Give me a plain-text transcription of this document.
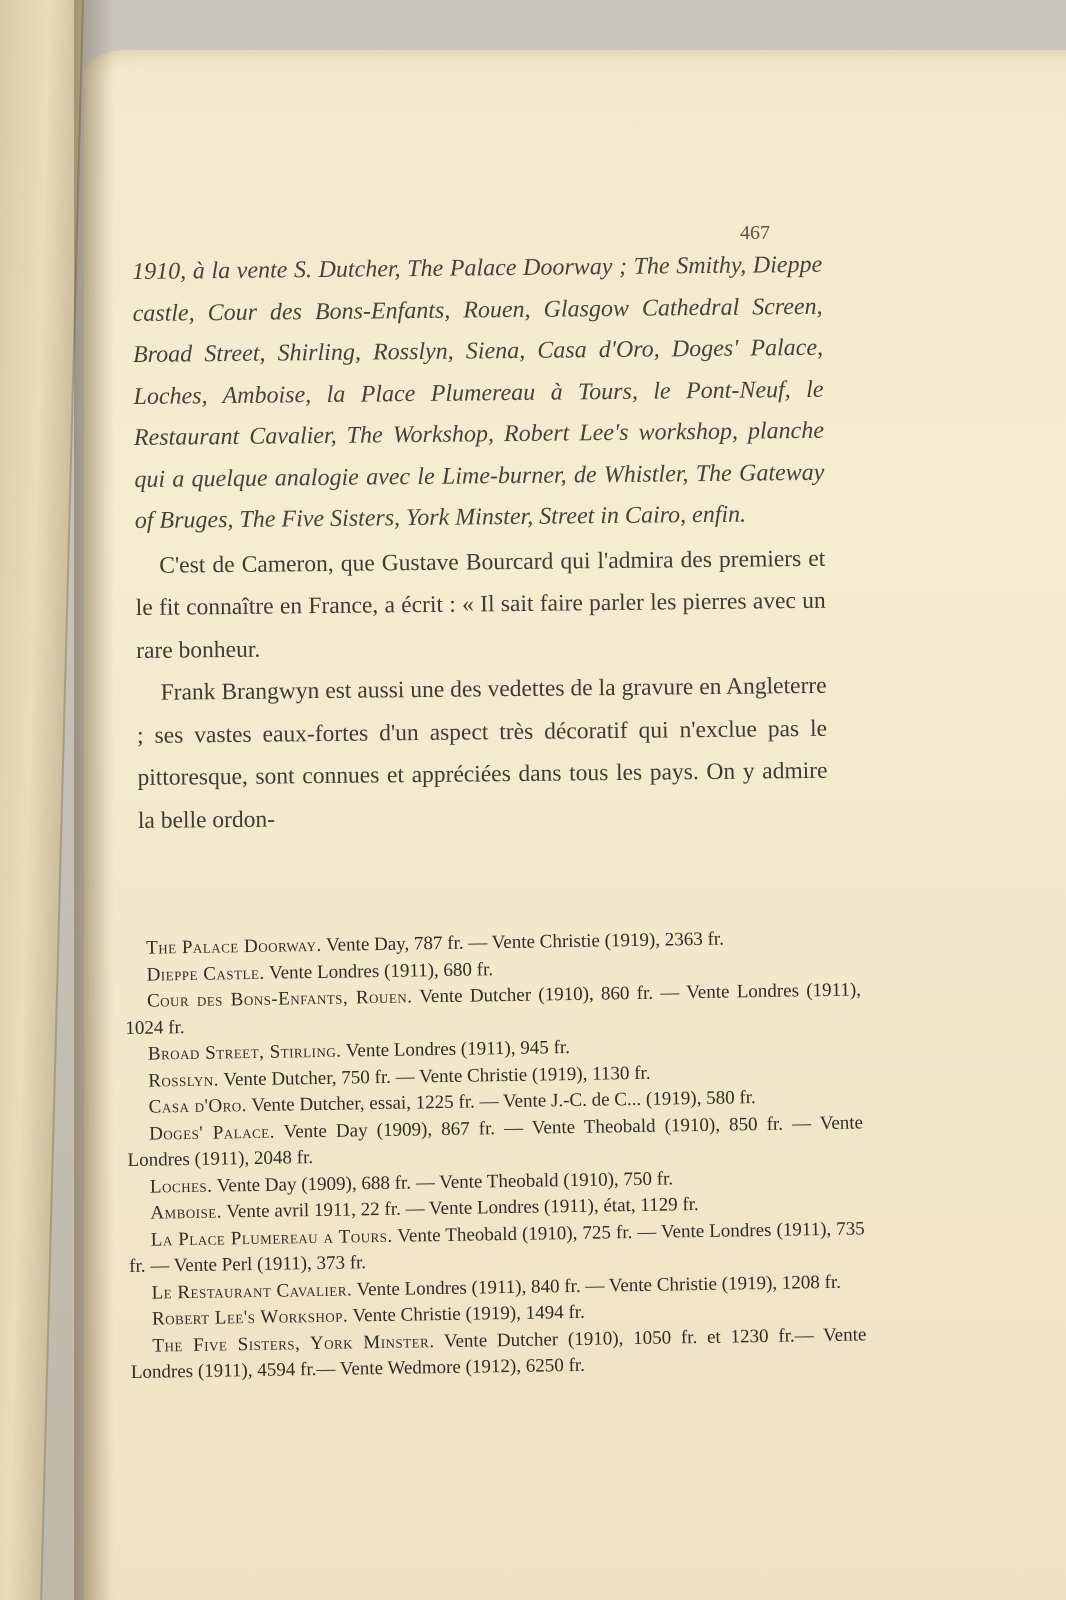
467

1910, à la vente S. Dutcher, The Palace Doorway ; The Smithy, Dieppe castle, Cour des Bons-Enfants, Rouen, Glasgow Cathedral Screen, Broad Street, Shirling, Rosslyn, Siena, Casa d'Oro, Doges' Palace, Loches, Amboise, la Place Plumereau à Tours, le Pont-Neuf, le Restaurant Cavalier, The Workshop, Robert Lee's workshop, planche qui a quelque analogie avec le Lime-burner, de Whistler, The Gateway of Bruges, The Five Sisters, York Minster, Street in Cairo, enfin.

C'est de Cameron, que Gustave Bourcard qui l'admira des premiers et le fit connaître en France, a écrit : « Il sait faire parler les pierres avec un rare bonheur.

Frank Brangwyn est aussi une des vedettes de la gravure en Angleterre ; ses vastes eaux-fortes d'un aspect très décoratif qui n'exclue pas le pittoresque, sont connues et appréciées dans tous les pays. On y admire la belle ordon-

The Palace Doorway. Vente Day, 787 fr. — Vente Christie (1919), 2363 fr.

Dieppe Castle. Vente Londres (1911), 680 fr.

Cour des Bons-Enfants, Rouen. Vente Dutcher (1910), 860 fr. — Vente Londres (1911), 1024 fr.

Broad Street, Stirling. Vente Londres (1911), 945 fr.

Rosslyn. Vente Dutcher, 750 fr. — Vente Christie (1919), 1130 fr.

Casa d'Oro. Vente Dutcher, essai, 1225 fr. — Vente J.-C. de C... (1919), 580 fr.

Doges' Palace. Vente Day (1909), 867 fr. — Vente Theobald (1910), 850 fr. — Vente Londres (1911), 2048 fr.

Loches. Vente Day (1909), 688 fr. — Vente Theobald (1910), 750 fr.

Amboise. Vente avril 1911, 22 fr. — Vente Londres (1911), état, 1129 fr.

La Place Plumereau a Tours. Vente Theobald (1910), 725 fr. — Vente Londres (1911), 735 fr. — Vente Perl (1911), 373 fr.

Le Restaurant Cavalier. Vente Londres (1911), 840 fr. — Vente Christie (1919), 1208 fr.

Robert Lee's Workshop. Vente Christie (1919), 1494 fr.

The Five Sisters, York Minster. Vente Dutcher (1910), 1050 fr. et 1230 fr.— Vente Londres (1911), 4594 fr.— Vente Wedmore (1912), 6250 fr.
